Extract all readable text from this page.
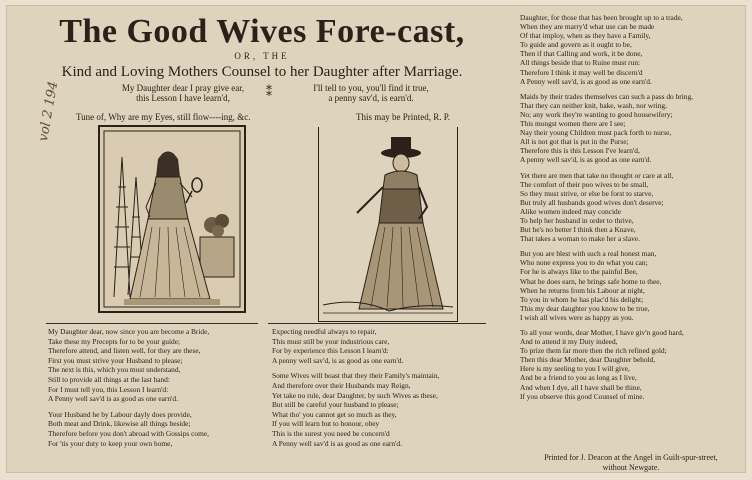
The Good Wives Fore-cast,
OR, THE
Kind and Loving Mothers Counsel to her Daughter after Marriage.
My Daughter dear I pray give ear,
this Lesson I have learn'd,	⁑	I'll tell to you, you'll find it true,
a penny sav'd, is earn'd.
vol 2 194 Tune of, Why are my Eyes, still flow----ing, &c.	This may be Printed, R. P.
My Daughter dear, now since you are become a Bride,
Take these my Precepts for to be your guide;
Therefore attend, and listen well, for they are these,
First you must strive your Husband to please;
The next is this, which you must understand,
Still to provide all things at the last hand:
For I must tell you, this Lesson I learn'd:
A Penny well sav'd is as good as one earn'd.
Your Husband he by Labour dayly does provide,
Both meat and Drink, likewise all things beside;
Therefore before you don't abroad with Gossips come,
For 'tis your duty to keep your own home,
Expecting needful always to repair,
This must still be your industrious care,
For by experience this Lesson I learn'd:
A penny well sav'd, is as good as one earn'd.
Some Wives will boast that they their Family's maintain,
And therefore over their Husbands may Reign,
Yet take no rule, dear Daughter, by such Wives as these,
But still be careful your husband to please;
What tho' you cannot get so much as they,
If you will learn but to honour, obey
This is the surest you need be concern'd
A Penny well sav'd is as good as one earn'd.
Daughter, for those that has been brought up to a trade,
When they are marry'd what use can be made
Of that imploy, when as they have a Family,
To guide and govern as it ought to be,
Then if that Calling and work, it be done,
All things beside that to Ruine must run:
Therefore I think it may well be discern'd
A Penny well sav'd, is as good as one earn'd.
Maids by their trades themselves can such a pass do bring,
That they can neither knit, bake, wash, nor wring,
No; any work they're wanting to good housewifery;
This mongst women there are I see;
Nay their young Children must pack forth to nurse,
All is not got that is put in the Purse;
Therefore this is this Lesson I've learn'd,
A penny well sav'd, is as good as one earn'd.
Yet there are men that take no thought or care at all,
The comfort of their poo wives to be small,
So they must strive, or else be forst to starve,
But truly all husbands good wives don't deserve;
Alike women indeed may concide
To help her husband in order to thrive,
But he's no better I think then a Knave,
That takes a woman to make her a slave.
But you are blest with such a real honest man,
Who none express you to do what you can;
For he is always like to the painful Bee,
What he does earn, he brings safe home to thee,
When he returns from his Labour at night,
To you in whom he has plac'd his delight;
This my dear daughter you know to be true,
I wish all wives were as happy as you.
To all your words, dear Mother, I have giv'n good hard,
And to attend it my Duty indeed,
To prize them far more then the rich refined gold;
Then this dear Mother, dear Daughter behold,
Here is my seeling to you I will give,
And be a friend to you as long as I live,
And when I dye, all I have shall be thine,
If you observe this good Counsel of mine.
Printed for J. Deacon at the Angel in Guilt-spur-street,
without Newgate.
